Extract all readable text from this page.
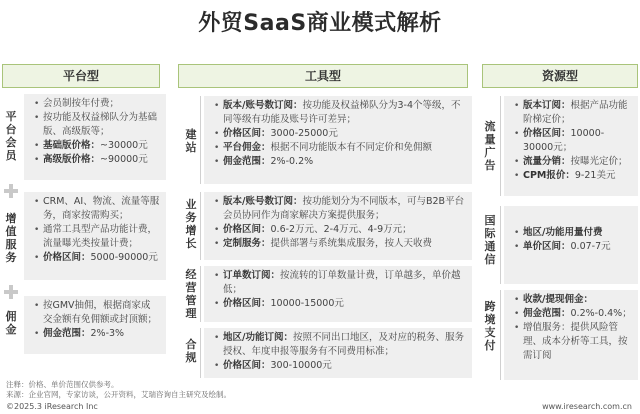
外贸SaaS商业模式解析
平台型	工具型	资源型
平台会员
• 会员制按年付费；
• 按功能及权益梯队分为基础版、高级版等；
• 基础版价格：~30000元
• 高级版价格：~90000元
增值服务
• CRM、AI、物流、流量等服务，商家按需购买；
• 通常工具型产品功能计费，流量曝光类按量计费；
• 价格区间：5000-90000元
佣金
• 按GMV抽佣，根据商家成交金额有免佣额或封顶额；
• 佣金范围：2%-3%
建站
• 版本/账号数订阅：按功能及权益梯队分为3-4个等级，不同等级有功能及账号许可差异；
• 价格区间：3000-25000元
• 平台佣金：根据不同功能版本有不同定价和免佣额
• 佣金范围：2%-0.2%
业务增长
• 版本/账号数订阅：按功能划分为不同版本，可与B2B平台会员协同作为商家解决方案提供服务；
• 价格区间：0.6-2万元、2-4万元、4-9万元；
• 定制服务：提供部署与系统集成服务，按人天收费
经营管理
• 订单数订阅：按流转的订单数量计费，订单越多，单价越低；
• 价格区间：10000-15000元
合规
• 地区/功能订阅：按照不同出口地区，及对应的税务、服务授权、年度申报等服务有不同费用标准；
• 价格区间：300-10000元
流量广告
• 版本订阅：根据产品功能阶梯定价；
• 价格区间：10000-30000元；
• 流量分销：按曝光定价；
• CPM报价：9-21美元
国际通信
• 地区/功能用量付费
• 单价区间：0.07-7元
跨境支付
• 收款/提现佣金：
• 佣金范围：0.2%-0.4%；
• 增值服务：提供风险管理、成本分析等工具，按需订阅
注释：价格、单价范围仅供参考。
来源：企业官网，专家访谈，公开资料，艾瑞咨询自主研究及绘制。
©2025.3 iResearch Inc	www.iresearch.com.cn
